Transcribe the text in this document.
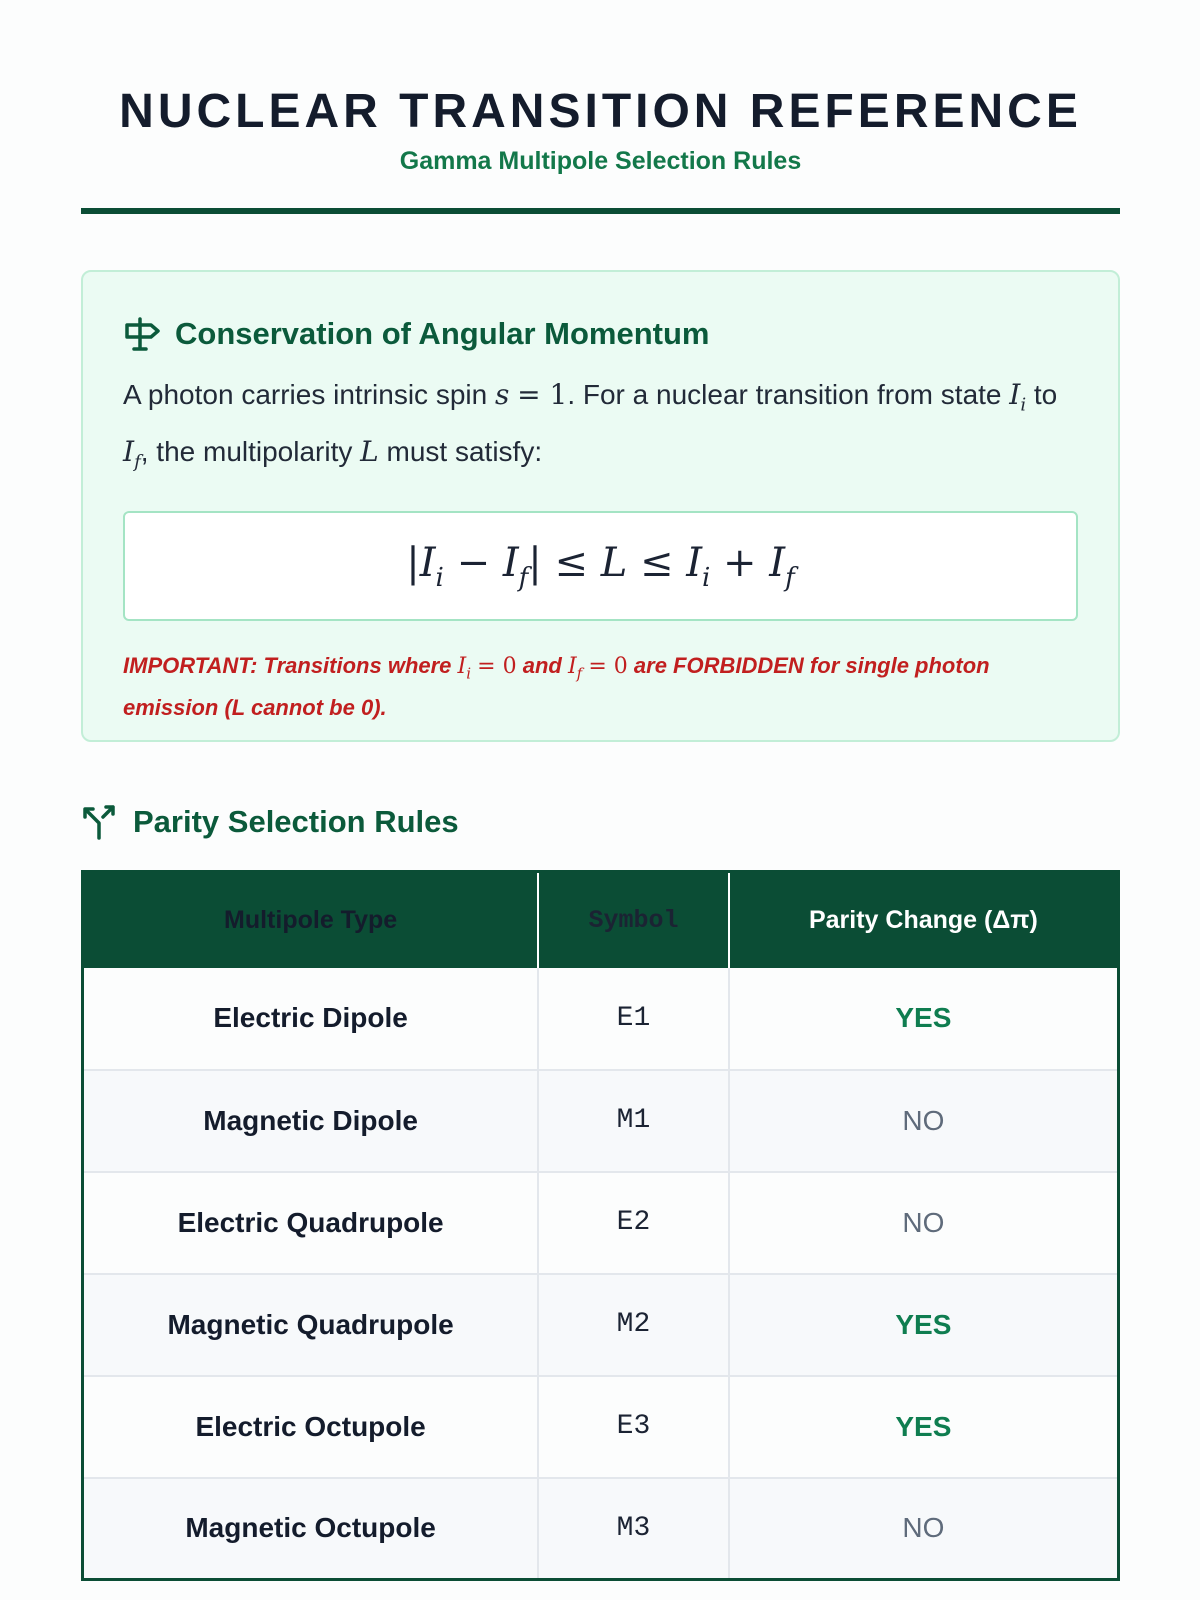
NUCLEAR TRANSITION REFERENCE
Gamma Multipole Selection Rules
Conservation of Angular Momentum
A photon carries intrinsic spin s = 1. For a nuclear transition from state $I_i$ to $I_f$, the multipolarity L must satisfy:
$|I_i - I_f| \le L \le I_i + I_f$
IMPORTANT: Transitions where $I_i = 0$ and $I_f = 0$ are FORBIDDEN for single photon emission (L cannot be 0).
Parity Selection Rules
Multipole Type	Symbol	Parity Change (Δπ)
Electric Dipole	E1	YES
Magnetic Dipole	M1	NO
Electric Quadrupole	E2	NO
Magnetic Quadrupole	M2	YES
Electric Octupole	E3	YES
Magnetic Octupole	M3	NO
